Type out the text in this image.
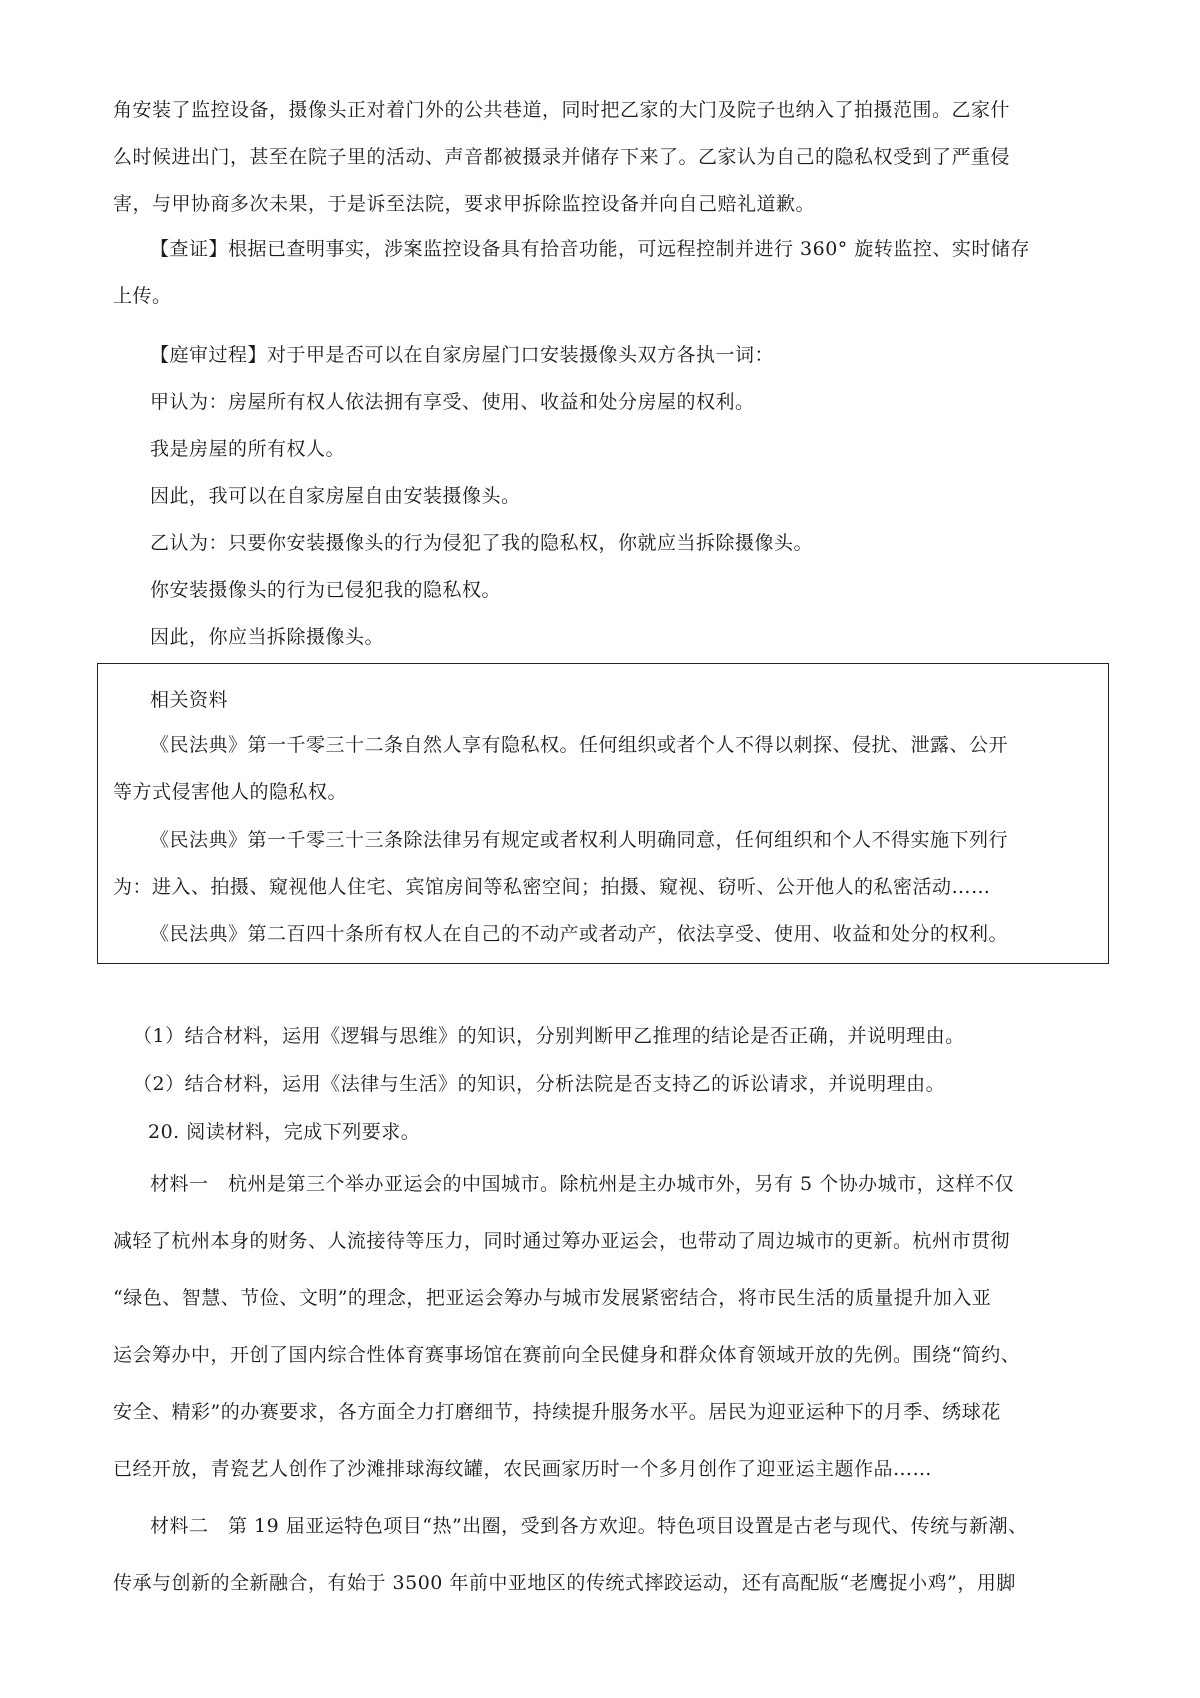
角安装了监控设备，摄像头正对着门外的公共巷道，同时把乙家的大门及院子也纳入了拍摄范围。乙家什
么时候进出门，甚至在院子里的活动、声音都被摄录并储存下来了。乙家认为自己的隐私权受到了严重侵
害，与甲协商多次未果，于是诉至法院，要求甲拆除监控设备并向自己赔礼道歉。
【查证】根据已查明事实，涉案监控设备具有拾音功能，可远程控制并进行 360° 旋转监控、实时储存
上传。
【庭审过程】对于甲是否可以在自家房屋门口安装摄像头双方各执一词：
甲认为：房屋所有权人依法拥有享受、使用、收益和处分房屋的权利。
我是房屋的所有权人。
因此，我可以在自家房屋自由安装摄像头。
相关资料
《民法典》第一千零三十二条自然人享有隐私权。任何组织或者个人不得以刺探、侵扰、泄露、公开
等方式侵害他人的隐私权。
《民法典》第一千零三十三条除法律另有规定或者权利人明确同意，任何组织和个人不得实施下列行
为：进入、拍摄、窥视他人住宅、宾馆房间等私密空间；拍摄、窥视、窃听、公开他人的私密活动……
《民法典》第二百四十条所有权人在自己的不动产或者动产，依法享受、使用、收益和处分的权利。
（1）结合材料，运用《逻辑与思维》的知识，分别判断甲乙推理的结论是否正确，并说明理由。
（2）结合材料，运用《法律与生活》的知识，分析法院是否支持乙的诉讼请求，并说明理由。
20. 阅读材料，完成下列要求。
材料一　杭州是第三个举办亚运会的中国城市。除杭州是主办城市外，另有 5 个协办城市，这样不仅
减轻了杭州本身的财务、人流接待等压力，同时通过筹办亚运会，也带动了周边城市的更新。杭州市贯彻
“绿色、智慧、节俭、文明”的理念，把亚运会筹办与城市发展紧密结合，将市民生活的质量提升加入亚
运会筹办中，开创了国内综合性体育赛事场馆在赛前向全民健身和群众体育领域开放的先例。围绕“简约、
安全、精彩”的办赛要求，各方面全力打磨细节，持续提升服务水平。居民为迎亚运种下的月季、绣球花
已经开放，青瓷艺人创作了沙滩排球海纹罐，农民画家历时一个多月创作了迎亚运主题作品……
材料二　第 19 届亚运特色项目“热”出圈，受到各方欢迎。特色项目设置是古老与现代、传统与新潮、
传承与创新的全新融合，有始于 3500 年前中亚地区的传统式摔跤运动，还有高配版“老鹰捉小鸡”，用脚
乙认为：只要你安装摄像头的行为侵犯了我的隐私权，你就应当拆除摄像头。
你安装摄像头的行为已侵犯我的隐私权。
因此，你应当拆除摄像头。
